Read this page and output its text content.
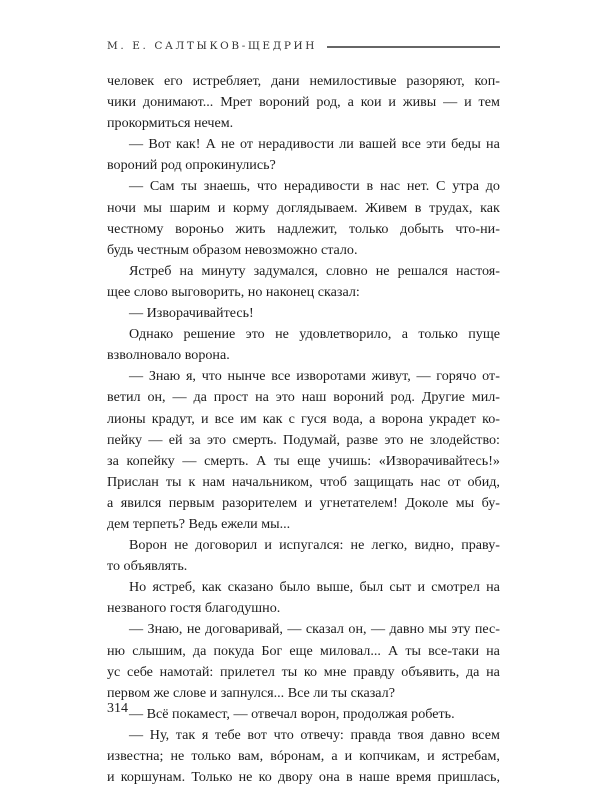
М. Е. САЛТЫКОВ-ЩЕДРИН
человек его истребляет, дани немилостивые разоряют, коп-
чики донимают... Мрет вороний род, а кои и живы — и тем
прокормиться нечем.
— Вот как! А не от нерадивости ли вашей все эти беды на
вороний род опрокинулись?
— Сам ты знаешь, что нерадивости в нас нет. С утра до
ночи мы шарим и корму доглядываем. Живем в трудах, как
честному вороньо жить надлежит, только добыть что-ни-
будь честным образом невозможно стало.
Ястреб на минуту задумался, словно не решался настоя-
щее слово выговорить, но наконец сказал:
— Изворачивайтесь!
Однако решение это не удовлетворило, а только пуще
взволновало ворона.
— Знаю я, что нынче все изворотами живут, — горячо от-
ветил он, — да прост на это наш вороний род. Другие мил-
лионы крадут, и все им как с гуся вода, а ворона украдет ко-
пейку — ей за это смерть. Подумай, разве это не злодейство:
за копейку — смерть. А ты еще учишь: «Изворачивайтесь!»
Прислан ты к нам начальником, чтоб защищать нас от обид,
а явился первым разорителем и угнетателем! Доколе мы бу-
дем терпеть? Ведь ежели мы...
Ворон не договорил и испугался: не легко, видно, праву-
то объявлять.
Но ястреб, как сказано было выше, был сыт и смотрел на
незваного гостя благодушно.
— Знаю, не договаривай, — сказал он, — давно мы эту пес-
ню слышим, да покуда Бог еще миловал... А ты все-таки на
ус себе намотай: прилетел ты ко мне правду объявить, да на
первом же слове и запнулся... Все ли ты сказал?
— Всё покамест, — отвечал ворон, продолжая робеть.
— Ну, так я тебе вот что отвечу: правда твоя давно всем
известна; не только вам, вóронам, а и копчикам, и ястребам,
и коршунам. Только не ко двору она в наше время пришлась,
314
